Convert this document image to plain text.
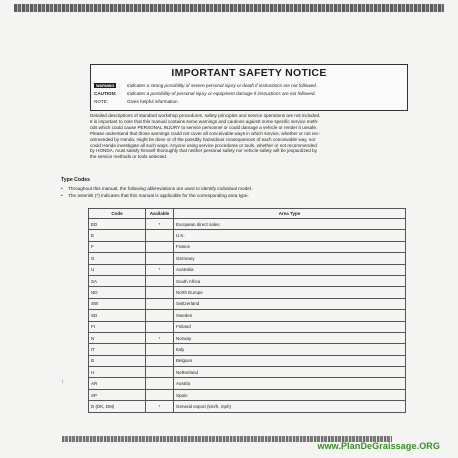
IMPORTANT SAFETY NOTICE
WARNING	Indicates a strong possibility of severe personal injury or death if instructions are not followed.
CAUTION: Indicates a possibility of personal injury or equipment damage if instructions are not followed.
NOTE:	Gives helpful information.
Detailed descriptions of standard workshop procedures, safety principles and service operations are not included.
It is important to note that this manual contains some warnings and cautions against some specific service meth-
ods which could cause PERSONAL INJURY to service personnel or could damage a vehicle or render it unsafe.
Please understand that those warnings could not cover all conceivable ways in which service, whether or not rec-
ommended by Honda, might be done or of the possibly hazardous consequences of each conceivable way, nor
could Honda investigate all such ways. Anyone using service procedures or tools, whether or not recommended
by HONDA, must satisfy himself thoroughly that neither personal safety nor vehicle safety will be jeopardized by
the service methods or tools selected.
Type Codes
• Throughout this manual, the following abbreviations are used to identify individual model.
• The asterisk (*) indicates that this manual is applicable for the corresponding area type.
Code	Available	Area Type
ED	*	European direct sales
E		U.K.
F		France
G		Germany
U	*	Australia
SA		South Africa
ND		North Europe
SW		Switzerland
SD		Sweden
FI		Finland
N	*	Norway
IT		Italy
B		Belgium
H		Netherland
AR		Austria
SP		Spain
D (DK, DM)	*	General export (km/h, mph)
|
www.PlanDeGraissage.ORG
